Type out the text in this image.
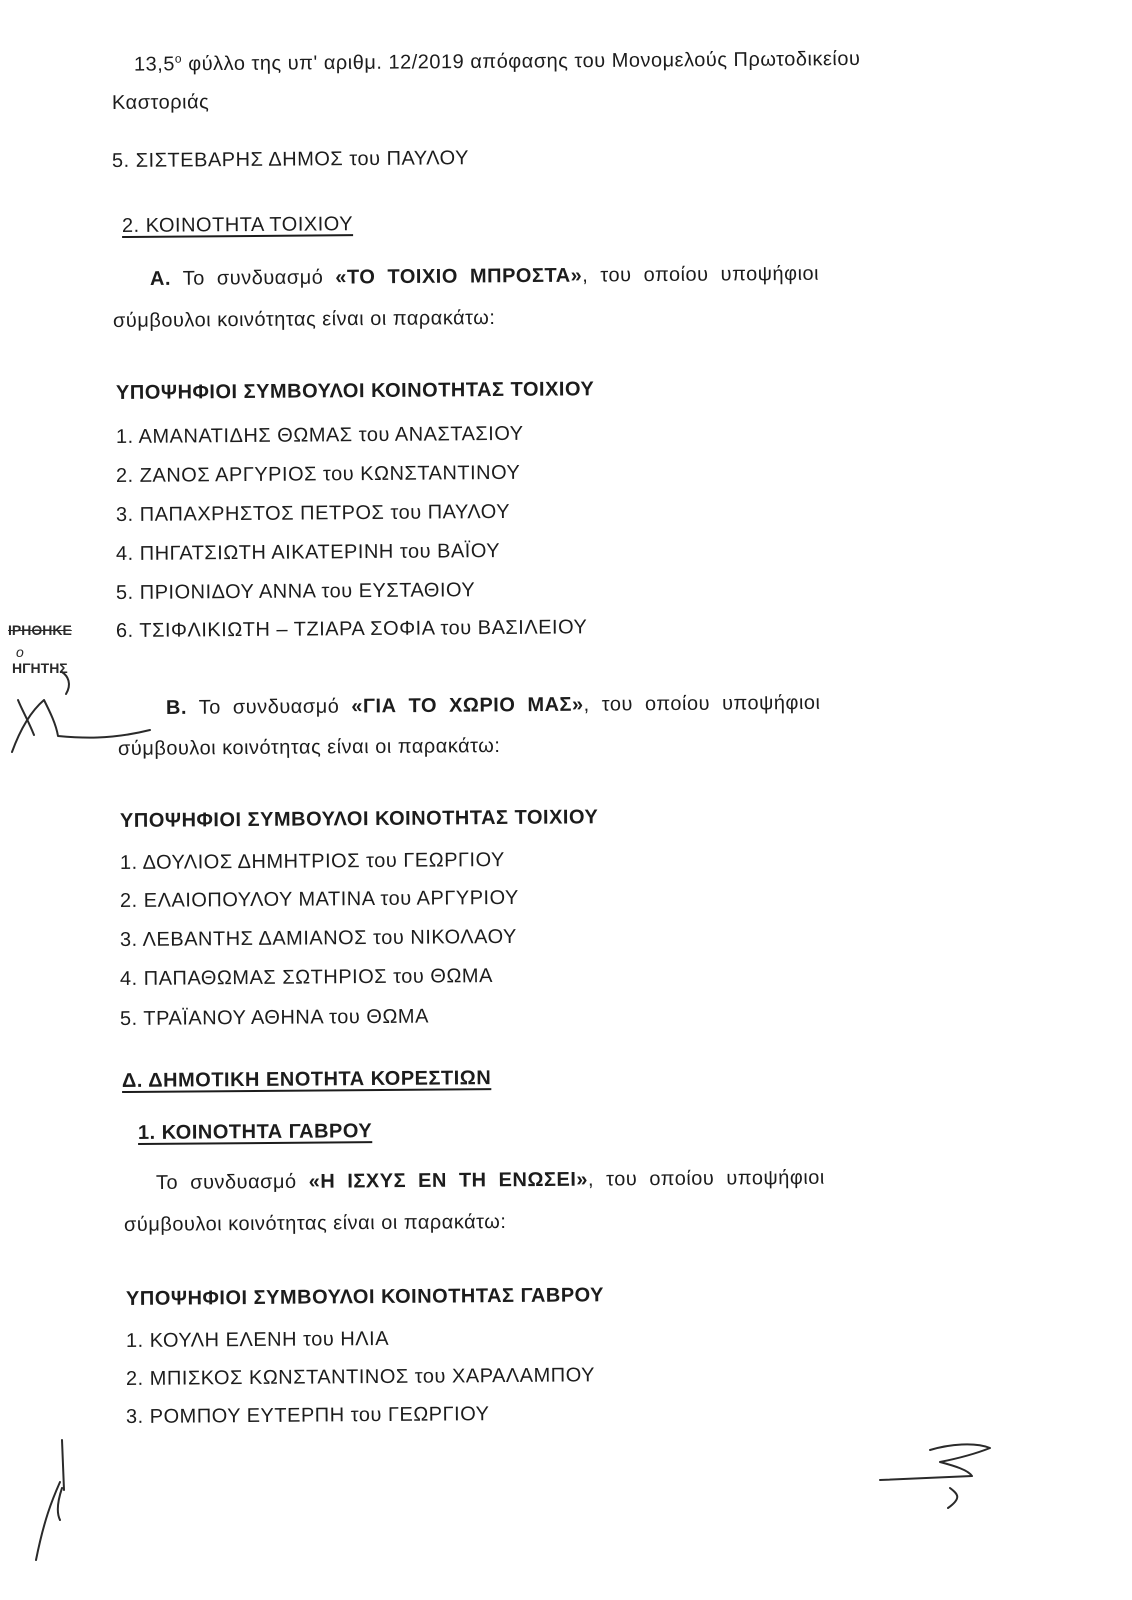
$13,5^o$ φύλλο της υπ' αριθμ. 12/2019 απόφασης του Μονομελούς Πρωτοδικείου
Καστοριάς
5. ΣΙΣΤΕΒΑΡΗΣ ΔΗΜΟΣ του ΠΑΥΛΟΥ
2. ΚΟΙΝΟΤΗΤΑ ΤΟΙΧΙΟΥ
Α. Το συνδυασμό «ΤΟ ΤΟΙΧΙΟ ΜΠΡΟΣΤΑ», του οποίου υποψήφιοι
σύμβουλοι κοινότητας είναι οι παρακάτω:
ΥΠΟΨΗΦΙΟΙ ΣΥΜΒΟΥΛΟΙ ΚΟΙΝΟΤΗΤΑΣ ΤΟΙΧΙΟΥ
1. ΑΜΑΝΑΤΙΔΗΣ ΘΩΜΑΣ του ΑΝΑΣΤΑΣΙΟΥ
2. ΖΑΝΟΣ ΑΡΓΥΡΙΟΣ του ΚΩΝΣΤΑΝΤΙΝΟΥ
3. ΠΑΠΑΧΡΗΣΤΟΣ ΠΕΤΡΟΣ του ΠΑΥΛΟΥ
4. ΠΗΓΑΤΣΙΩΤΗ ΑΙΚΑΤΕΡΙΝΗ του ΒΑΪΟΥ
5. ΠΡΙΟΝΙΔΟΥ ΑΝΝΑ του ΕΥΣΤΑΘΙΟΥ
6. ΤΣΙΦΛΙΚΙΩΤΗ – ΤΖΙΑΡΑ ΣΟΦΙΑ του ΒΑΣΙΛΕΙΟΥ
ΙΡΗΘΗΚΕ
ο
ΗΓΗΤΗΣ
Β. Το συνδυασμό «ΓΙΑ ΤΟ ΧΩΡΙΟ ΜΑΣ», του οποίου υποψήφιοι
σύμβουλοι κοινότητας είναι οι παρακάτω:
ΥΠΟΨΗΦΙΟΙ ΣΥΜΒΟΥΛΟΙ ΚΟΙΝΟΤΗΤΑΣ ΤΟΙΧΙΟΥ
1. ΔΟΥΛΙΟΣ ΔΗΜΗΤΡΙΟΣ του ΓΕΩΡΓΙΟΥ
2. ΕΛΑΙΟΠΟΥΛΟΥ ΜΑΤΙΝΑ του ΑΡΓΥΡΙΟΥ
3. ΛΕΒΑΝΤΗΣ ΔΑΜΙΑΝΟΣ του ΝΙΚΟΛΑΟΥ
4. ΠΑΠΑΘΩΜΑΣ ΣΩΤΗΡΙΟΣ του ΘΩΜΑ
5. ΤΡΑΪΑΝΟΥ ΑΘΗΝΑ του ΘΩΜΑ
Δ. ΔΗΜΟΤΙΚΗ ΕΝΟΤΗΤΑ ΚΟΡΕΣΤΙΩΝ
1. ΚΟΙΝΟΤΗΤΑ ΓΑΒΡΟΥ
Το συνδυασμό «Η ΙΣΧΥΣ ΕΝ ΤΗ ΕΝΩΣΕΙ», του οποίου υποψήφιοι
σύμβουλοι κοινότητας είναι οι παρακάτω:
ΥΠΟΨΗΦΙΟΙ ΣΥΜΒΟΥΛΟΙ ΚΟΙΝΟΤΗΤΑΣ ΓΑΒΡΟΥ
1. ΚΟΥΛΗ ΕΛΕΝΗ του ΗΛΙΑ
2. ΜΠΙΣΚΟΣ ΚΩΝΣΤΑΝΤΙΝΟΣ του ΧΑΡΑΛΑΜΠΟΥ
3. ΡΟΜΠΟΥ ΕΥΤΕΡΠΗ του ΓΕΩΡΓΙΟΥ
